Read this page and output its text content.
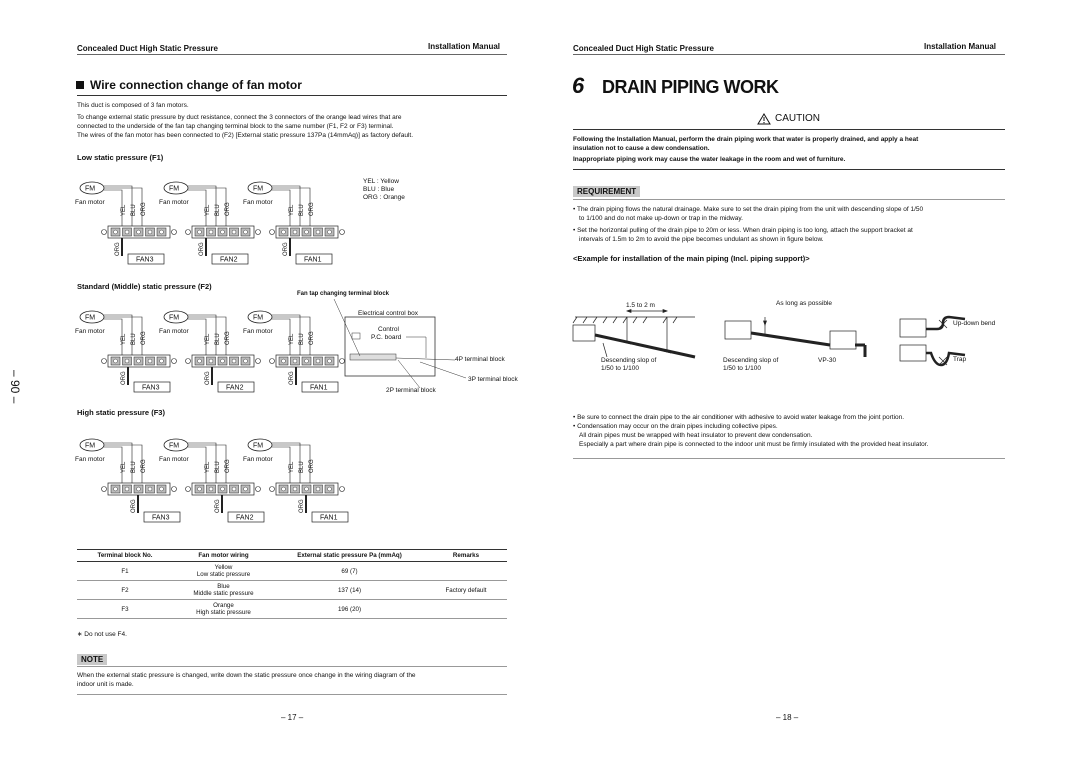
Concealed Duct High Static Pressure	Installation Manual
Wire connection change of fan motor
This duct is composed of 3 fan motors.
To change external static pressure by duct resistance, connect the 3 connectors of the orange lead wires that are
connected to the underside of the fan tap changing terminal block to the same number (F1, F2 or F3) terminal.
The wires of the fan motor has been connected to (F2) [External static pressure 137Pa (14mmAq)] as factory default.
Low static pressure (F1)
Standard (Middle) static pressure (F2)
High static pressure (F3)
YEL : Yellow
BLU : Blue
ORG : Orange
Fan tap changing terminal block
FM
Fan motor
YEL BLU ORG
ORG
FAN3
FM
Fan motor
YEL BLU ORG
ORG
FAN2
FM
Fan motor
YEL BLU ORG
ORG
FAN1
FM
Fan motor
YEL BLU ORG
ORG
FAN3
FM
Fan motor
YEL BLU ORG
ORG
FAN2
FM
Fan motor
YEL BLU ORG
ORG
FAN1
FM
Fan motor
YEL BLU ORG
ORG
FAN3
FM
Fan motor
YEL BLU ORG
ORG
FAN2
FM
Fan motor
YEL BLU ORG
ORG
FAN1
Electrical control box
Control
P.C. board
4P terminal block
3P terminal block
2P terminal block
– 90 –
Terminal block No.	Fan motor wiring	External static pressure Pa (mmAq)	Remarks
F1	Yellow
Low static pressure	69 (7)	
F2	Blue
Middle static pressure	137 (14)	Factory default
F3	Orange
High static pressure	196 (20)	
∗ Do not use F4.
NOTE
When the external static pressure is changed, write down the static pressure once change in the wiring diagram of the
indoor unit is made.
– 17 –
Concealed Duct High Static Pressure	Installation Manual
6 DRAIN PIPING WORK
CAUTION
Following the Installation Manual, perform the drain piping work that water is properly drained, and apply a heat
insulation not to cause a dew condensation.
Inappropriate piping work may cause the water leakage in the room and wet of furniture.
REQUIREMENT
• The drain piping flows the natural drainage. Make sure to set the drain piping from the unit with descending slope of 1/50
to 1/100 and do not make up-down or trap in the midway.
• Set the horizontal pulling of the drain pipe to 20m or less. When drain piping is too long, attach the support bracket at
intervals of 1.5m to 2m to avoid the pipe becomes undulant as shown in figure below.
<Example for installation of the main piping (Incl. piping support)>
1.5 to 2 m	As long as possible
Descending slop of
1/50 to 1/100
Descending slop of
1/50 to 1/100
VP-30
Up-down bend
Trap
• Be sure to connect the drain pipe to the air conditioner with adhesive to avoid water leakage from the joint portion.
• Condensation may occur on the drain pipes including collective pipes.
All drain pipes must be wrapped with heat insulator to prevent dew condensation.
Especially a part where drain pipe is connected to the indoor unit must be firmly insulated with the provided heat insulator.
– 18 –
